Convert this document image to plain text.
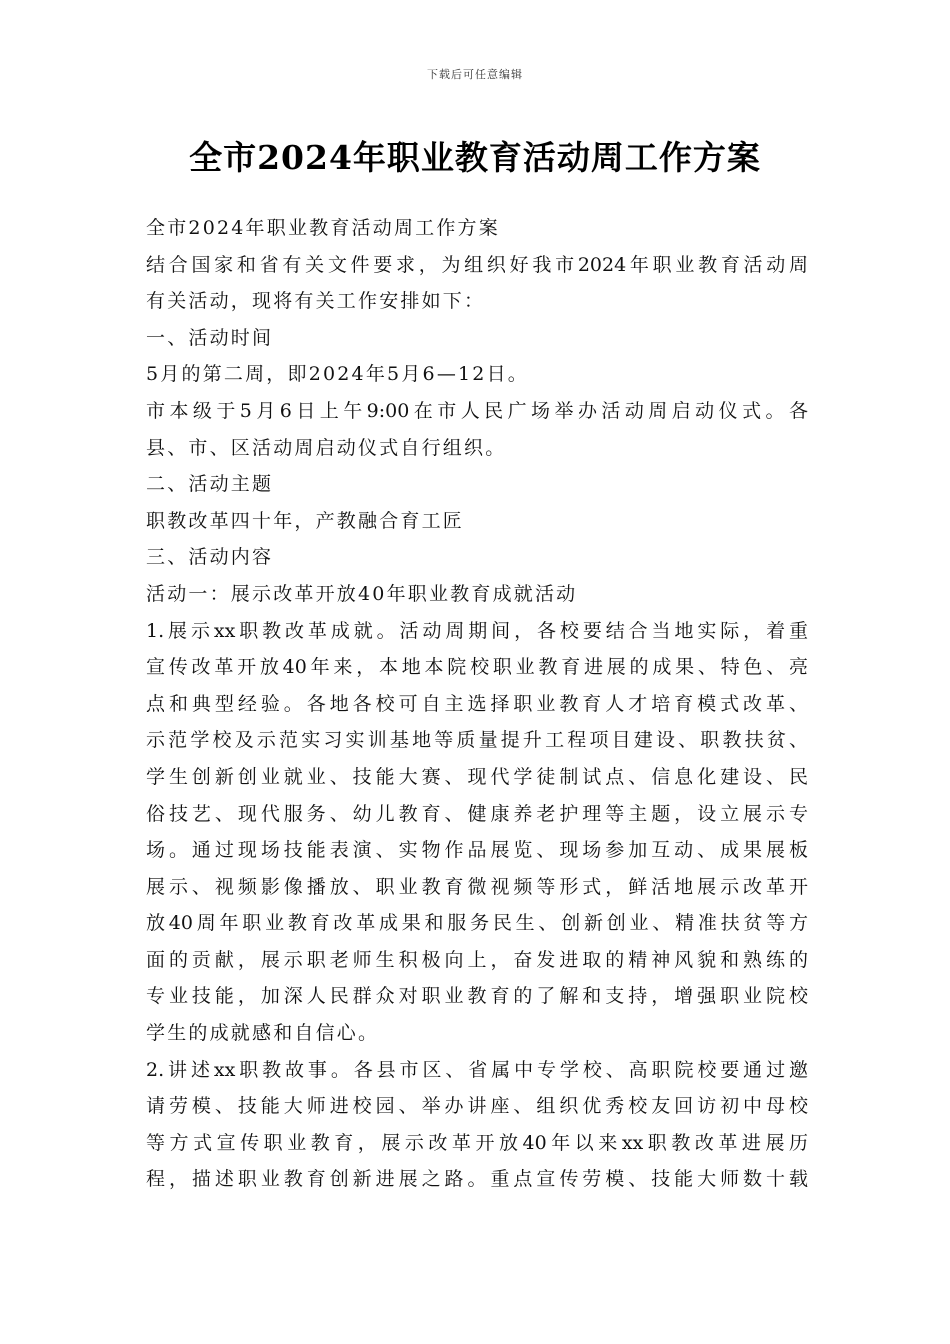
下载后可任意编辑
全市2024年职业教育活动周工作方案
全市2024年职业教育活动周工作方案
结合国家和省有关文件要求，为组织好我市2024年职业教育活动周
有关活动，现将有关工作安排如下：
一、活动时间
5月的第二周，即2024年5月6—12日。
市本级于5月6日上午9:00在市人民广场举办活动周启动仪式。各
县、市、区活动周启动仪式自行组织。
二、活动主题
职教改革四十年，产教融合育工匠
三、活动内容
活动一：展示改革开放40年职业教育成就活动
1.展示xx职教改革成就。活动周期间，各校要结合当地实际，着重
宣传改革开放40年来，本地本院校职业教育进展的成果、特色、亮
点和典型经验。各地各校可自主选择职业教育人才培育模式改革、
示范学校及示范实习实训基地等质量提升工程项目建设、职教扶贫、
学生创新创业就业、技能大赛、现代学徒制试点、信息化建设、民
俗技艺、现代服务、幼儿教育、健康养老护理等主题，设立展示专
场。通过现场技能表演、实物作品展览、现场参加互动、成果展板
展示、视频影像播放、职业教育微视频等形式，鲜活地展示改革开
放40周年职业教育改革成果和服务民生、创新创业、精准扶贫等方
面的贡献，展示职老师生积极向上，奋发进取的精神风貌和熟练的
专业技能，加深人民群众对职业教育的了解和支持，增强职业院校
学生的成就感和自信心。
2.讲述xx职教故事。各县市区、省属中专学校、高职院校要通过邀
请劳模、技能大师进校园、举办讲座、组织优秀校友回访初中母校
等方式宣传职业教育，展示改革开放40年以来xx职教改革进展历
程，描述职业教育创新进展之路。重点宣传劳模、技能大师数十载
